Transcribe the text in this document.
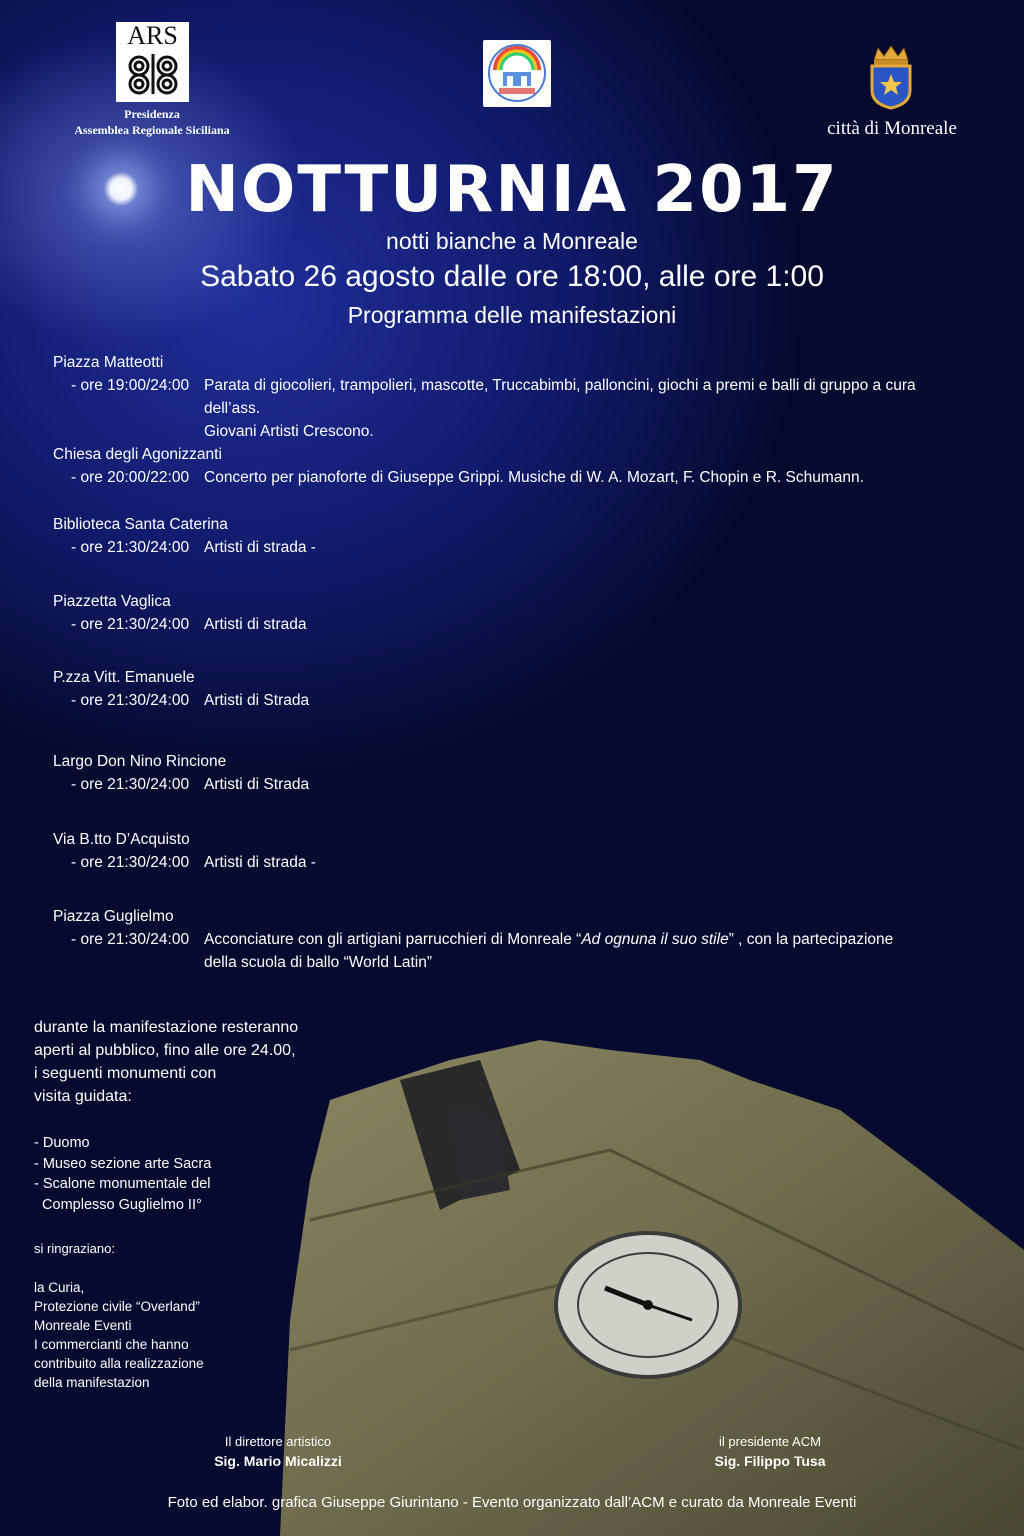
ARS
Presidenza
Assemblea Regionale Siciliana	città di Monreale
NOTTURNIA 2017
notti bianche a Monreale
Sabato 26 agosto dalle ore 18:00, alle ore 1:00
Programma delle manifestazioni
Piazza Matteotti
- ore 19:00/24:00 Parata di giocolieri, trampolieri, mascotte, Truccabimbi, palloncini, giochi a premi e balli di gruppo a cura dell’ass.
Giovani Artisti Crescono.
Chiesa degli Agonizzanti
- ore 20:00/22:00 Concerto per pianoforte di Giuseppe Grippi. Musiche di W. A. Mozart, F. Chopin e R. Schumann.
Biblioteca Santa Caterina
- ore 21:30/24:00 Artisti di strada -
Piazzetta Vaglica
- ore 21:30/24:00 Artisti di strada
P.zza Vitt. Emanuele
- ore 21:30/24:00 Artisti di Strada
Largo Don Nino Rincione
- ore 21:30/24:00 Artisti di Strada
Via B.tto D’Acquisto
- ore 21:30/24:00 Artisti di strada -
Piazza Guglielmo
- ore 21:30/24:00 Acconciature con gli artigiani parrucchieri di Monreale “Ad ognuna il suo stile” , con la partecipazione
della scuola di ballo “World Latin”
durante la manifestazione resteranno
aperti al pubblico, fino alle ore 24.00,
i seguenti monumenti con
visita guidata:
- Duomo
- Museo sezione arte Sacra
- Scalone monumentale del
Complesso Guglielmo II°
si ringraziano:
la Curia,
Protezione civile “Overland”
Monreale Eventi
I commercianti che hanno
contribuito alla realizzazione
della manifestazion
Il direttore artistico
Sig. Mario Micalizzi
il presidente ACM
Sig. Filippo Tusa
Foto ed elabor. grafica Giuseppe Giurintano - Evento organizzato dall’ACM e curato da Monreale Eventi
